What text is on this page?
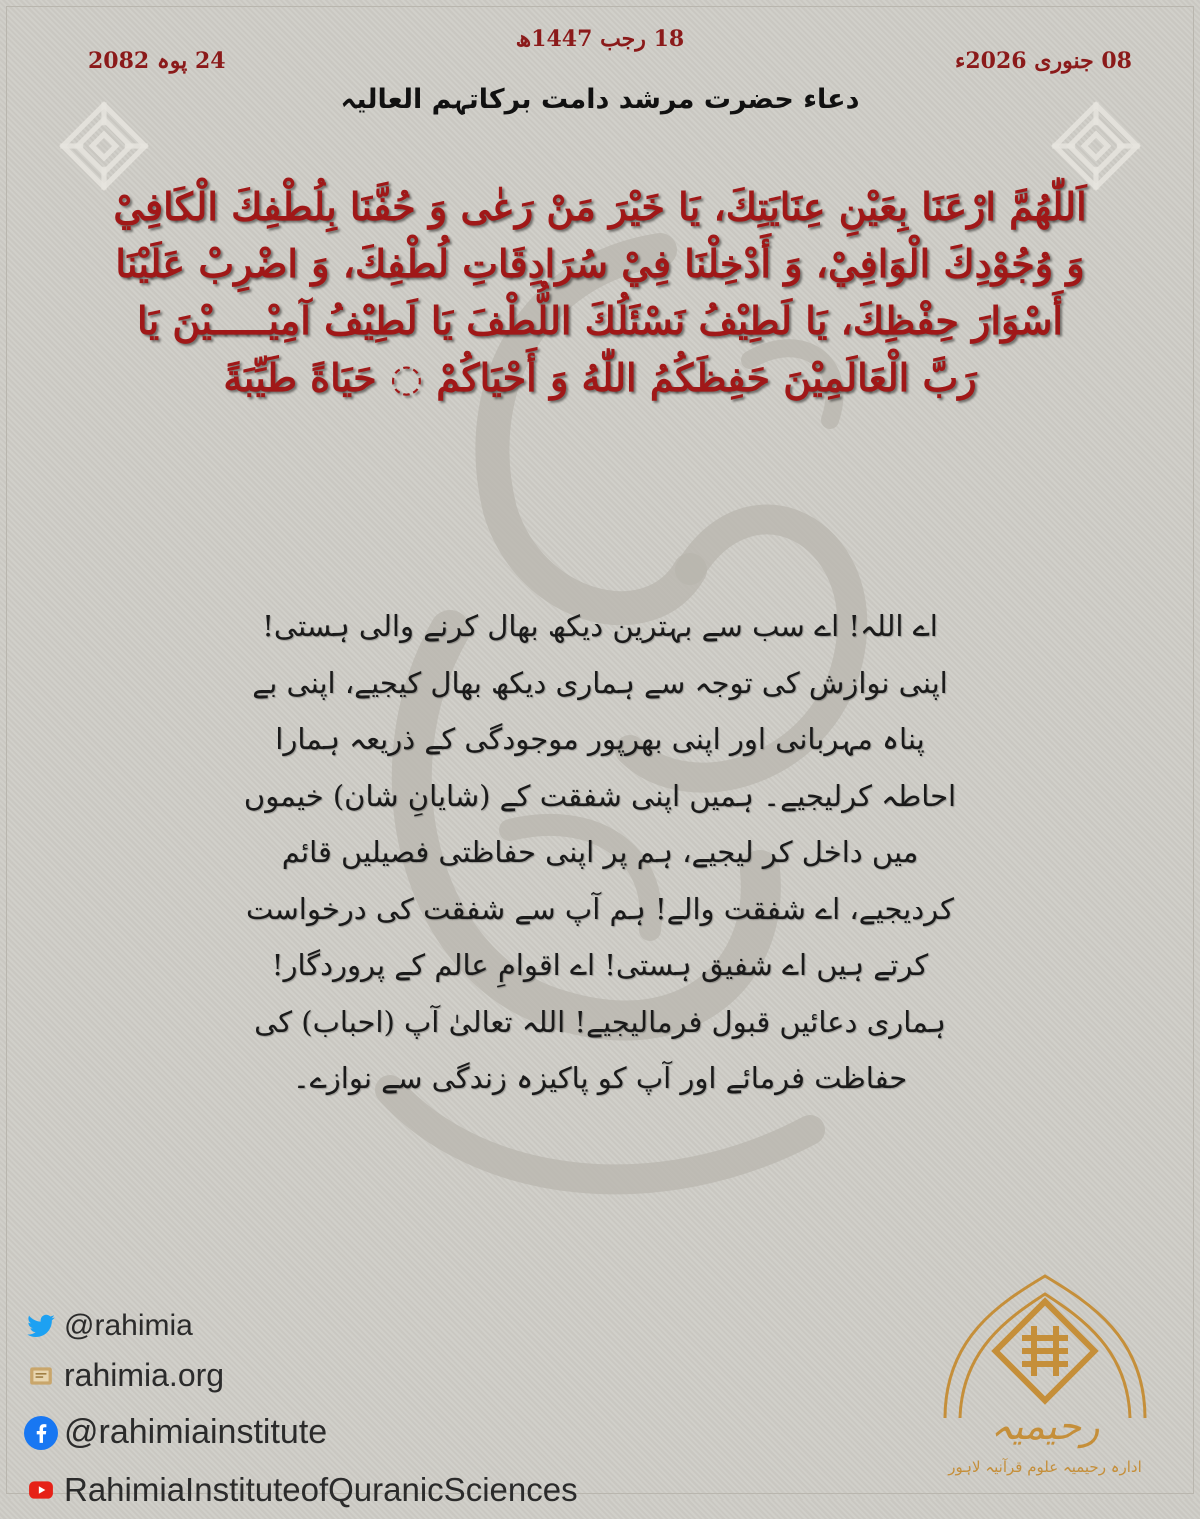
18 رجب 1447ھ
08 جنوری 2026ء
24 پوہ 2082
دعاء حضرت مرشد دامت برکاتہم العالیہ
اَللّٰهُمَّ ارْعَنَا بِعَيْنِ عِنَايَتِكَ، يَا خَيْرَ مَنْ رَعٰى وَ حُفَّنَا بِلُطْفِكَ الْكَافِيْ وَ وُجُوْدِكَ الْوَافِيْ، وَ أَدْخِلْنَا فِيْ سُرَادِقَاتِ لُطْفِكَ، وَ اضْرِبْ عَلَيْنَا أَسْوَارَ حِفْظِكَ، يَا لَطِيْفُ نَسْئَلُكَ اللُّطْفَ يَا لَطِيْفُ آمِيْـــــيْنَ يَا رَبَّ الْعَالَمِيْنَ حَفِظَكُمُ اللّٰهُ وَ أَحْيَاكُمْ ◌ حَيَاةً طَيِّبَةً
اے اللہ! اے سب سے بہترین دیکھ بھال کرنے والی ہستی! اپنی نوازش کی توجہ سے ہماری دیکھ بھال کیجیے، اپنی بے پناہ مہربانی اور اپنی بھرپور موجودگی کے ذریعہ ہمارا احاطہ کرلیجیے۔ ہمیں اپنی شفقت کے (شایانِ شان) خیموں میں داخل کر لیجیے، ہم پر اپنی حفاظتی فصیلیں قائم کردیجیے، اے شفقت والے! ہم آپ سے شفقت کی درخواست کرتے ہیں اے شفیق ہستی! اے اقوامِ عالم کے پروردگار! ہماری دعائیں قبول فرمالیجیے! اللہ تعالیٰ آپ (احباب) کی حفاظت فرمائے اور آپ کو پاکیزہ زندگی سے نوازے۔
@rahimia
rahimia.org
@rahimiainstitute
RahimiaInstituteofQuranicSciences
رحیمیہ
ادارہ رحیمیہ علوم قرآنیہ لاہور
